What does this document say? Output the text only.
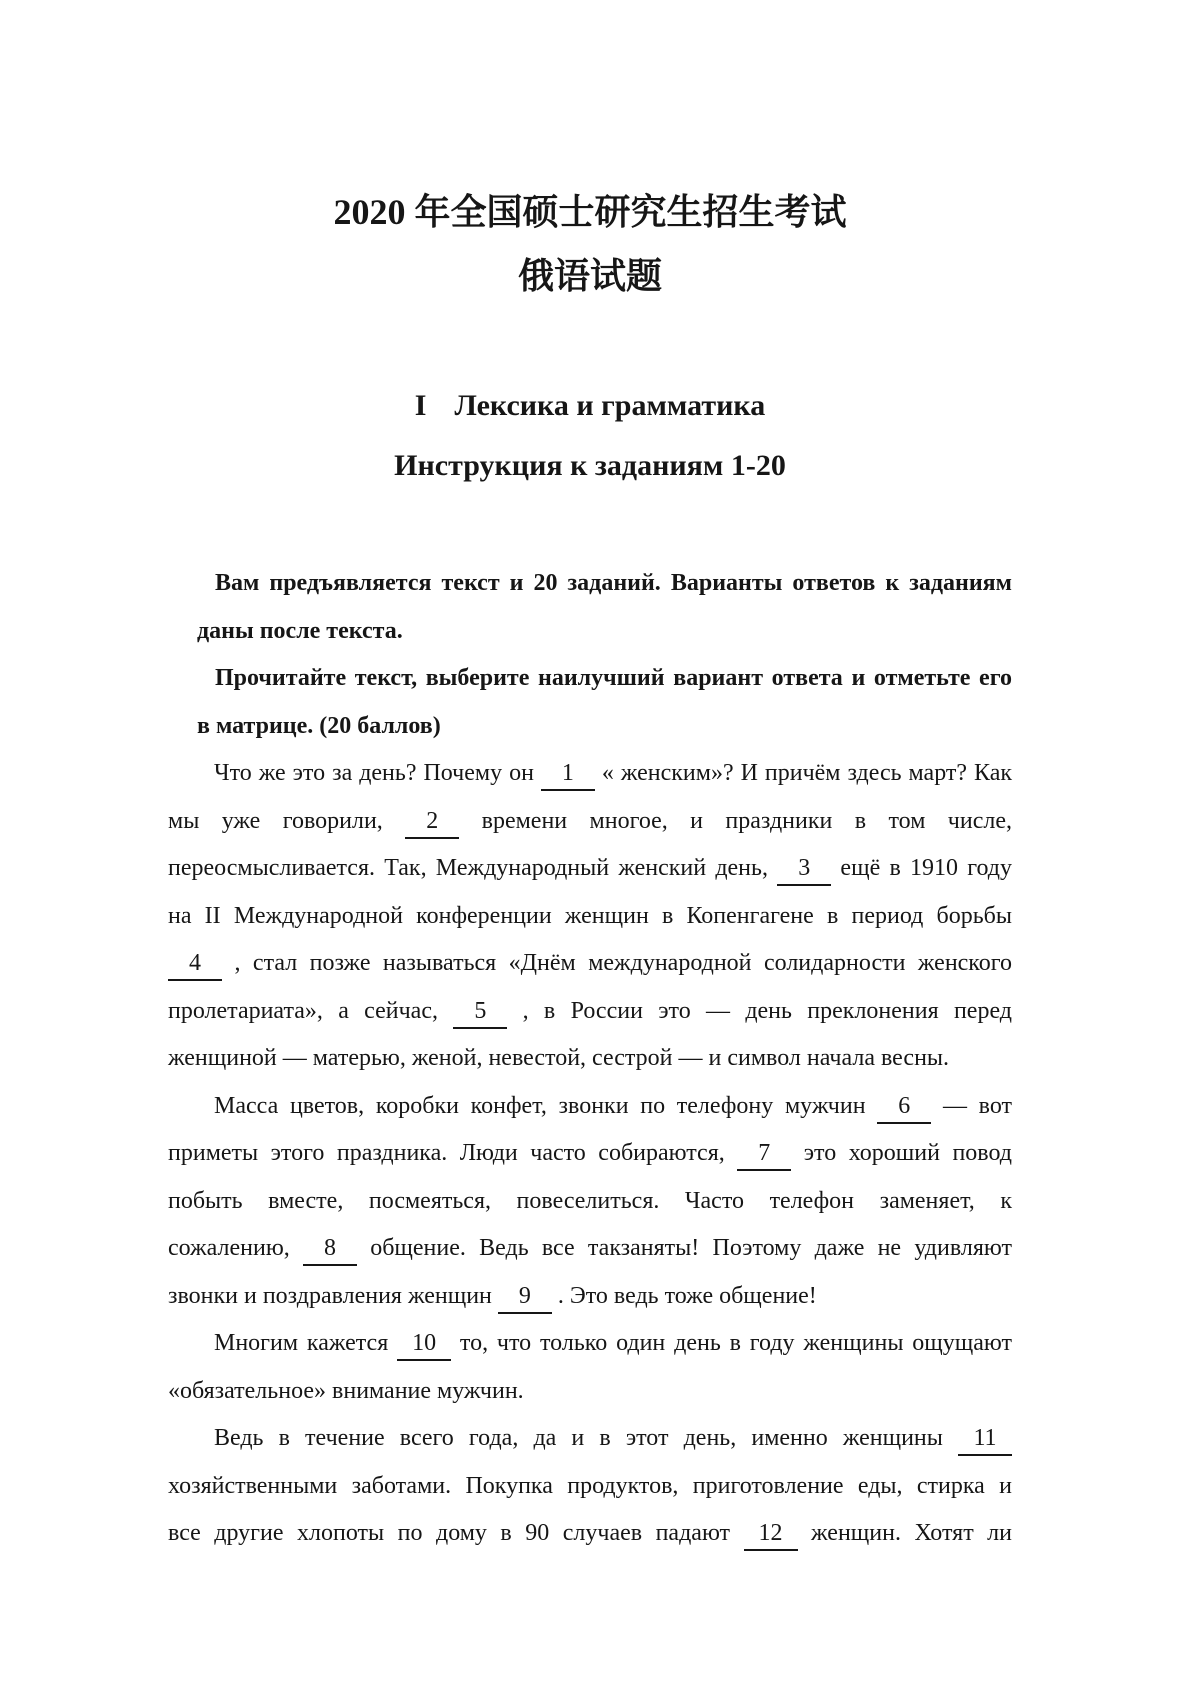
2020 年全国硕士研究生招生考试
俄语试题
I Лексика и грамматика
Инструкция к заданиям 1-20
Вам предъявляется текст и 20 заданий. Варианты ответов к заданиям
даны после текста.
Прочитайте текст, выберите наилучший вариант ответа и отметьте его
в матрице. (20 баллов)
Что же это за день? Почему он 1 « женским»? И причём здесь март? Как
мы уже говорили, 2 времени многое, и праздники в том числе,
переосмысливается. Так, Международный женский день, 3 ещё в 1910 году
на II Международной конференции женщин в Копенгагене в период борьбы
4 , стал позже называться «Днём международной солидарности женского
пролетариата», а сейчас, 5 , в России это — день преклонения перед
женщиной — матерью, женой, невестой, сестрой — и символ начала весны.
Масса цветов, коробки конфет, звонки по телефону мужчин 6 — вот
приметы этого праздника. Люди часто собираются, 7 это хороший повод
побыть вместе, посмеяться, повеселиться. Часто телефон заменяет, к
сожалению, 8 общение. Ведь все такзаняты! Поэтому даже не удивляют
звонки и поздравления женщин 9 . Это ведь тоже общение!
Многим кажется 10 то, что только один день в году женщины ощущают
«обязательное» внимание мужчин.
Ведь в течение всего года, да и в этот день, именно женщины 11
хозяйственными заботами. Покупка продуктов, приготовление еды, стирка и
все другие хлопоты по дому в 90 случаев падают 12 женщин. Хотят ли
